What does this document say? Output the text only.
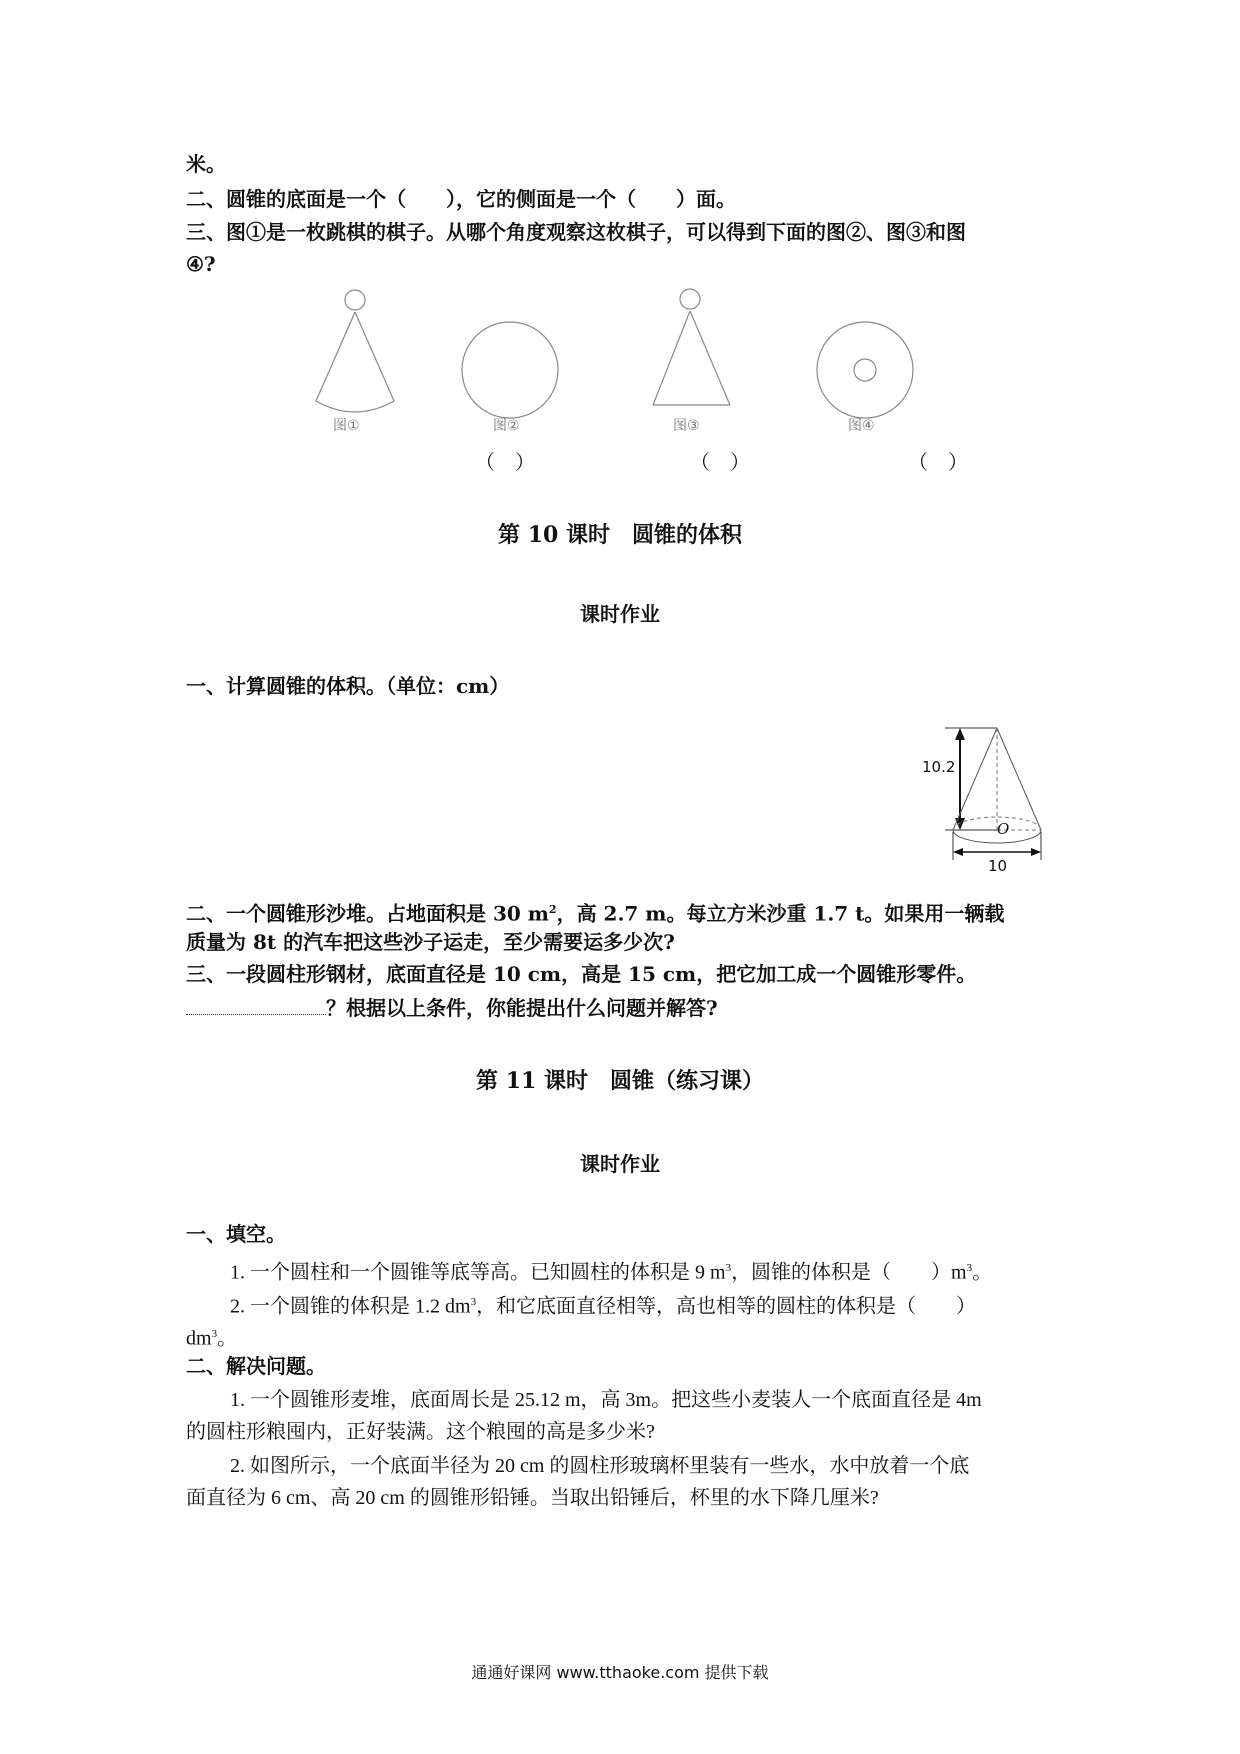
米。
二、圆锥的底面是一个（　　），它的侧面是一个（　　）面。
三、图①是一枚跳棋的棋子。从哪个角度观察这枚棋子，可以得到下面的图②、图③和图
④?
图①	图②	图③	图④
（　）	（　）	（　）
第 10 课时　圆锥的体积
课时作业
一、计算圆锥的体积。（单位：cm）
10.2
O
10
二、一个圆锥形沙堆。占地面积是 30 $m^2$，高 2.7 m。每立方米沙重 1.7 t。如果用一辆载
质量为 8t 的汽车把这些沙子运走，至少需要运多少次?
三、一段圆柱形钢材，底面直径是 10 cm，高是 15 cm，把它加工成一个圆锥形零件。
？根据以上条件，你能提出什么问题并解答?
第 11 课时　圆锥（练习课）
课时作业
一、填空。
1. 一个圆柱和一个圆锥等底等高。已知圆柱的体积是 9 $m^3$，圆锥的体积是（　　）$m^3$。
2. 一个圆锥的体积是 1.2 $dm^3$，和它底面直径相等，高也相等的圆柱的体积是（　　）
$dm^3$。
二、解决问题。
1. 一个圆锥形麦堆，底面周长是 25.12 m，高 3m。把这些小麦装人一个底面直径是 4m
的圆柱形粮囤内，正好装满。这个粮囤的高是多少米?
2. 如图所示，一个底面半径为 20 cm 的圆柱形玻璃杯里装有一些水，水中放着一个底
面直径为 6 cm、高 20 cm 的圆锥形铅锤。当取出铅锤后，杯里的水下降几厘米?
通通好课网 www.tthaoke.com 提供下载
